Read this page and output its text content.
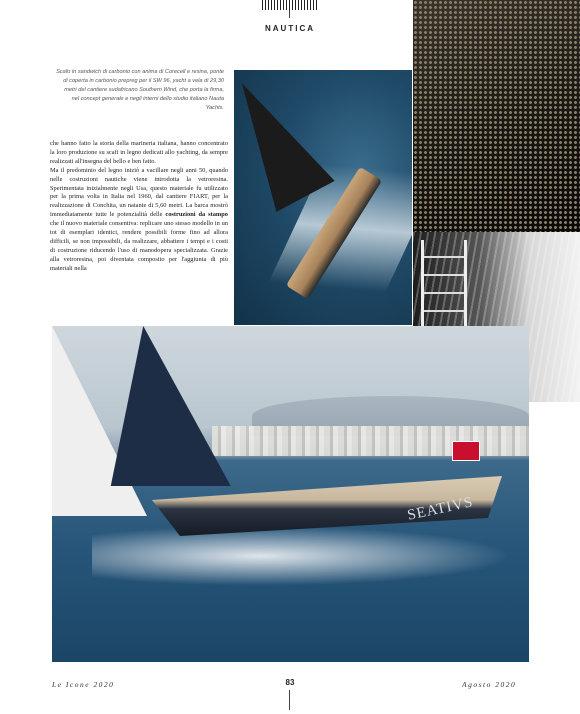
NAUTICA
Scafo in sandwich di carbonio con anima di Corecell e resina, ponte di coperta in carbonio prepreg per il SW 96, yacht a vela di 29,30 metri del cantiere sudafricano Southern Wind, che porta la firma, nel concept generale e negli interni dello studio italiano Nauta Yachts.

che hanno fatto la storia della marineria italiana, hanno concentrato la loro produzione su scafi in legno dedicati allo yachting, da sempre realizzati all'insegna del bello e ben fatto.

Ma il predominio del legno iniziò a vacillare negli anni 50, quando nelle costruzioni nautiche viene introdotta la vetroresina. Sperimentata inizialmente negli Usa, questo materiale fu utilizzato per la prima volta in Italia nel 1960, dal cantiere FIART, per la realizzazione di Conchita, un natante di 5,60 metri. La barca mostrò immediatamente tutte le potenzialità delle costruzioni da stampo che il nuovo materiale consentiva: replicare uno stesso modello in un tot di esemplari identici, rendere possibili forme fino ad allora difficili, se non impossibili, da realizzare, abbattere i tempi e i costi di costruzione riducendo l'uso di manodopera specializzata. Grazie alla vetroresina, poi diventata composito per l'aggiunta di più materiali nella

SEATIVS
Le Icone 2020	83	Agosto 2020
